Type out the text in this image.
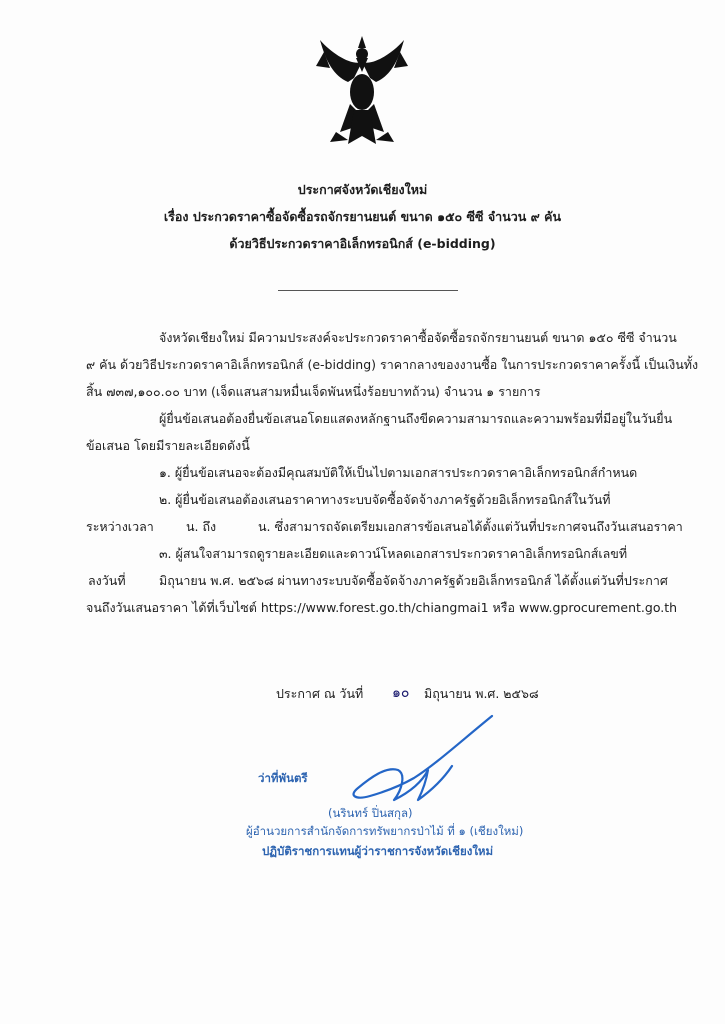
ประกาศจังหวัดเชียงใหม่
เรื่อง ประกวดราคาซื้อจัดซื้อรถจักรยานยนต์ ขนาด ๑๕๐ ซีซี จำนวน ๙ คัน
ด้วยวิธีประกวดราคาอิเล็กทรอนิกส์ (e-bidding)
จังหวัดเชียงใหม่ มีความประสงค์จะประกวดราคาซื้อจัดซื้อรถจักรยานยนต์ ขนาด ๑๕๐ ซีซี จำนวน
๙ คัน ด้วยวิธีประกวดราคาอิเล็กทรอนิกส์ (e-bidding) ราคากลางของงานซื้อ ในการประกวดราคาครั้งนี้ เป็นเงินทั้ง
สิ้น ๗๓๗,๑๐๐.๐๐ บาท (เจ็ดแสนสามหมื่นเจ็ดพันหนึ่งร้อยบาทถ้วน) จำนวน ๑ รายการ
ผู้ยื่นข้อเสนอต้องยื่นข้อเสนอโดยแสดงหลักฐานถึงขีดความสามารถและความพร้อมที่มีอยู่ในวันยื่น
ข้อเสนอ โดยมีรายละเอียดดังนี้
๑. ผู้ยื่นข้อเสนอจะต้องมีคุณสมบัติให้เป็นไปตามเอกสารประกวดราคาอิเล็กทรอนิกส์กำหนด
๒. ผู้ยื่นข้อเสนอต้องเสนอราคาทางระบบจัดซื้อจัดจ้างภาครัฐด้วยอิเล็กทรอนิกส์ในวันที่
ระหว่างเวลา	น. ถึง	น. ซึ่งสามารถจัดเตรียมเอกสารข้อเสนอได้ตั้งแต่วันที่ประกาศจนถึงวันเสนอราคา
๓. ผู้สนใจสามารถดูรายละเอียดและดาวน์โหลดเอกสารประกวดราคาอิเล็กทรอนิกส์เลขที่
ลงวันที่	มิถุนายน พ.ศ. ๒๕๖๘ ผ่านทางระบบจัดซื้อจัดจ้างภาครัฐด้วยอิเล็กทรอนิกส์ ได้ตั้งแต่วันที่ประกาศ
จนถึงวันเสนอราคา ได้ที่เว็บไซต์ https://www.forest.go.th/chiangmai1 หรือ www.gprocurement.go.th
ประกาศ ณ วันที่ ๑๐ มิถุนายน พ.ศ. ๒๕๖๘
ว่าที่พันตรี
(นรินทร์ ปิ่นสกุล)
ผู้อำนวยการสำนักจัดการทรัพยากรป่าไม้ ที่ ๑ (เชียงใหม่)
ปฏิบัติราชการแทนผู้ว่าราชการจังหวัดเชียงใหม่
